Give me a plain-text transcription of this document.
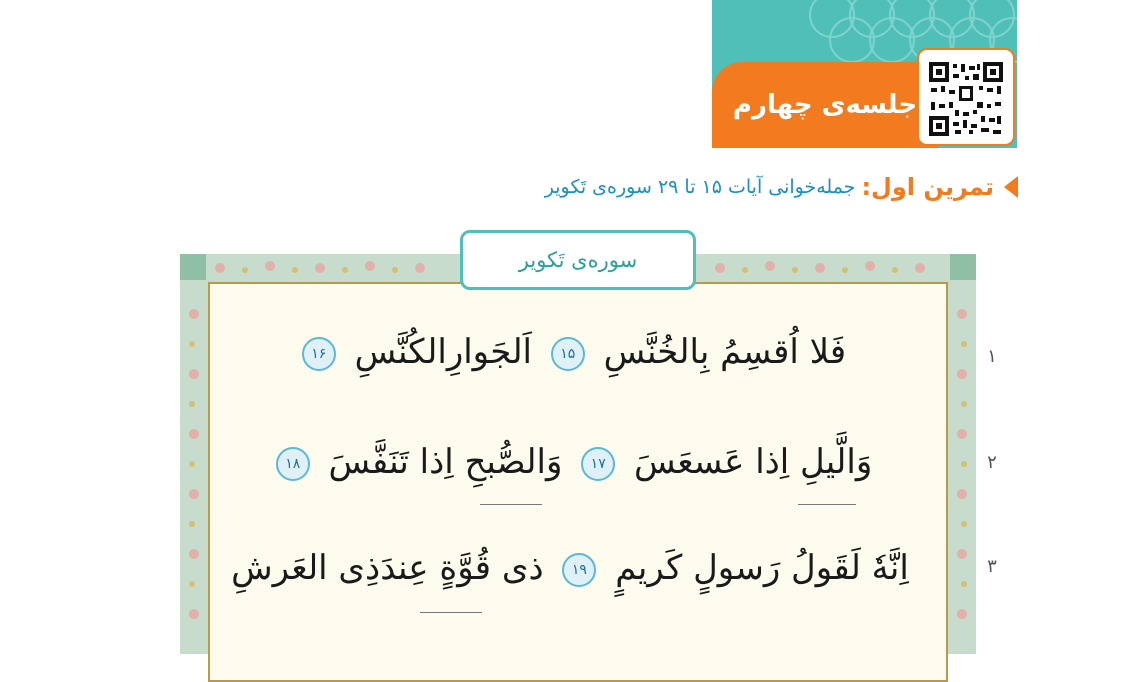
جلسه‌ی چهارم
تمرین اول:
جمله‌خوانی آیات ۱۵ تا ۲۹ سوره‌ی تَکویر
سوره‌ی تَکویر
فَلا اُقسِمُ بِالخُنَّسِ ۱۵ اَلجَوارِالکُنَّسِ ۱۶	۱
وَالَّیلِ اِذا عَسعَسَ ۱۷ وَالصُّبحِ اِذا تَنَفَّسَ ۱۸	۲
اِنَّهٗ لَقَولُ رَسولٍ کَریمٍ ۱۹ ذی قُوَّةٍ عِندَذِی العَرشِ	۳
